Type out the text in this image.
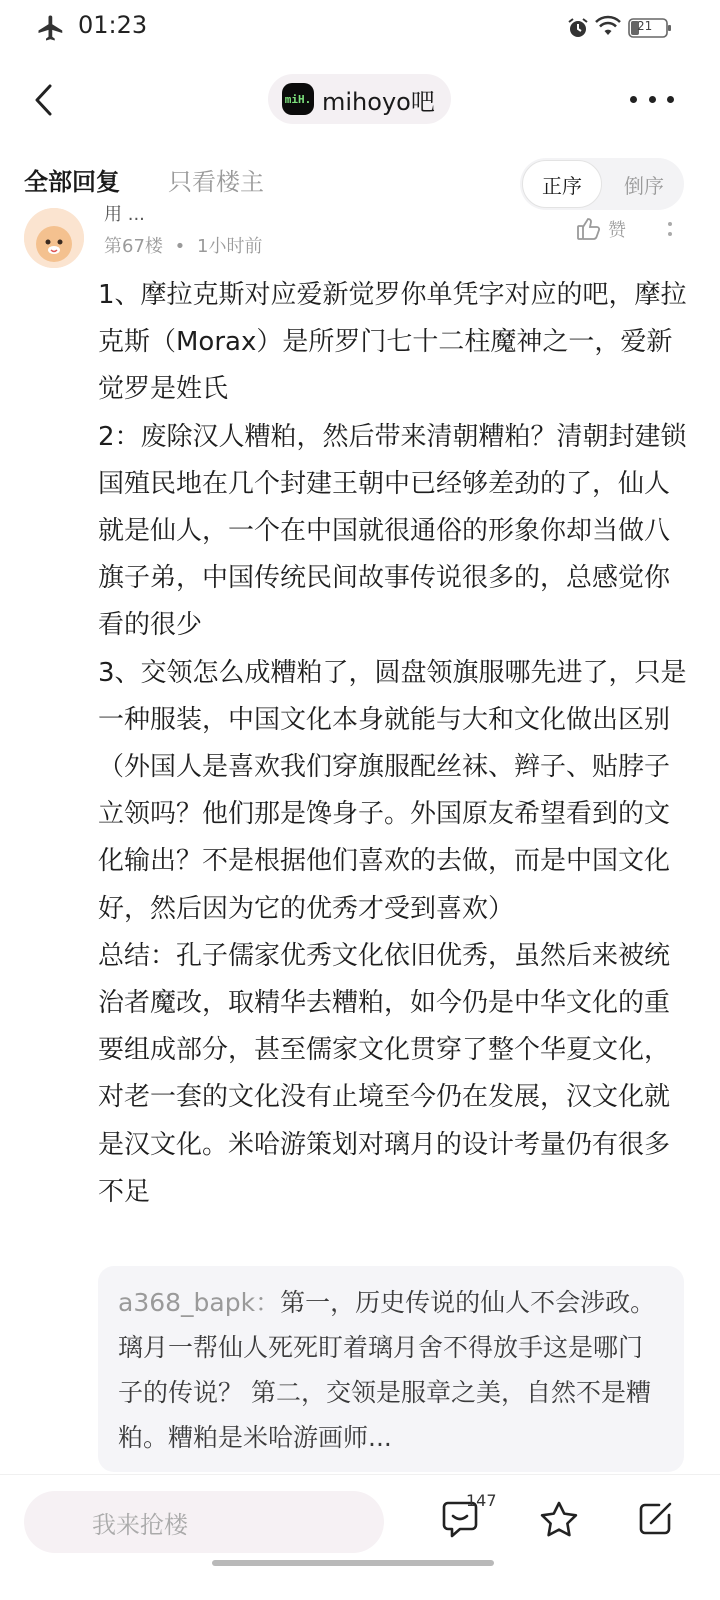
01:23	21
miH. mihoyo吧
全部回复 只看楼主	正序	倒序
用 ...
第67楼 • 1小时前
赞

1、摩拉克斯对应爱新觉罗你单凭字对应的吧，摩拉克斯（Morax）是所罗门七十二柱魔神之一，爱新觉罗是姓氏

2：废除汉人糟粕，然后带来清朝糟粕？清朝封建锁国殖民地在几个封建王朝中已经够差劲的了，仙人就是仙人，一个在中国就很通俗的形象你却当做八旗子弟，中国传统民间故事传说很多的，总感觉你看的很少

3、交领怎么成糟粕了，圆盘领旗服哪先进了，只是一种服装，中国文化本身就能与大和文化做出区别（外国人是喜欢我们穿旗服配丝袜、辫子、贴脖子立领吗？他们那是馋身子。外国原友希望看到的文化输出？不是根据他们喜欢的去做，而是中国文化好，然后因为它的优秀才受到喜欢）

总结：孔子儒家优秀文化依旧优秀，虽然后来被统治者魔改，取精华去糟粕，如今仍是中华文化的重要组成部分，甚至儒家文化贯穿了整个华夏文化，对老一套的文化没有止境至今仍在发展，汉文化就是汉文化。米哈游策划对璃月的设计考量仍有很多不足

a368_bapk：第一，历史传说的仙人不会涉政。璃月一帮仙人死死盯着璃月舍不得放手这是哪门子的传说？ 第二，交领是服章之美，自然不是糟粕。糟粕是米哈游画师...
我来抢楼
147
